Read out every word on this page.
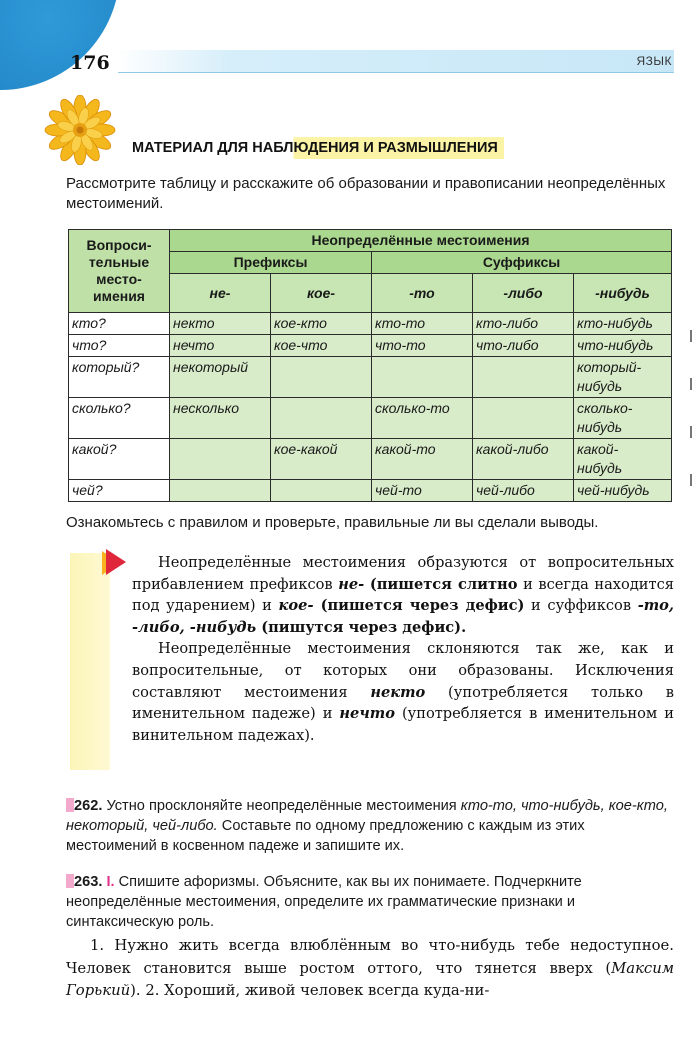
176	ЯЗЫК
МАТЕРИАЛ ДЛЯ НАБЛЮДЕНИЯ И РАЗМЫШЛЕНИЯ

Рассмотрите таблицу и расскажите об образовании и правописании неопределённых местоимений.

Вопроси-
тельные
место-
имения	Неопределённые местоимения				
	Префиксы		Суффиксы		
	не-	кое-	-то	-либо	-нибудь
кто?	некто	кое-кто	кто-то	кто-либо	кто-нибудь
что?	нечто	кое-что	что-то	что-либо	что-нибудь
который?	некоторый				который-
нибудь
сколько?	несколько		сколько-то		сколько-
нибудь
какой?		кое-какой	какой-то	какой-либо	какой-
нибудь
чей?			чей-то	чей-либо	чей-нибудь

Ознакомьтесь с правилом и проверьте, правильные ли вы сделали выводы.

Неопределённые местоимения образуются от вопросительных прибавлением префиксов не- (пишется слитно и всегда находится под ударением) и кое- (пишется через дефис) и суффиксов -то, -либо, -нибудь (пишутся через дефис).

Неопределённые местоимения склоняются так же, как и вопросительные, от которых они образованы. Исключения составляют местоимения некто (употребляется только в именительном падеже) и нечто (употребляется в именительном и винительном падежах).

262. Устно просклоняйте неопределённые местоимения кто-то, что-нибудь, кое-кто, некоторый, чей-либо. Составьте по одному предложению с каждым из этих местоимений в косвенном падеже и запишите их.

263. I. Спишите афоризмы. Объясните, как вы их понимаете. Подчеркните неопределённые местоимения, определите их грамматические признаки и синтаксическую роль.

1. Нужно жить всегда влюблённым во что-нибудь тебе недоступное. Человек становится выше ростом оттого, что тянется вверх (Максим Горький). 2. Хороший, живой человек всегда куда-ни-
